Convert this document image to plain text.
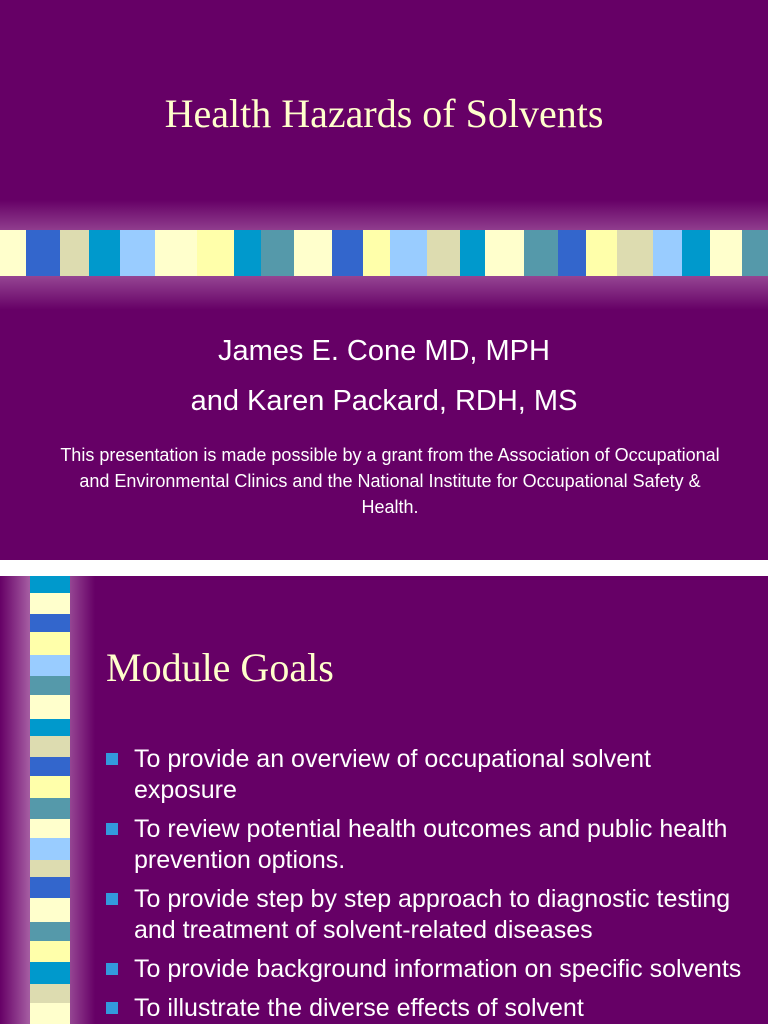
Health Hazards of Solvents
James E. Cone MD, MPH
and Karen Packard, RDH, MS
This presentation is made possible by a grant from the Association of Occupational and Environmental Clinics and the National Institute for Occupational Safety & Health.
Module Goals
To provide an overview of occupational solvent exposure
To review potential health outcomes and public health prevention options.
To provide step by step approach to diagnostic testing and treatment of solvent-related diseases
To provide background information on specific solvents
To illustrate the diverse effects of solvent
